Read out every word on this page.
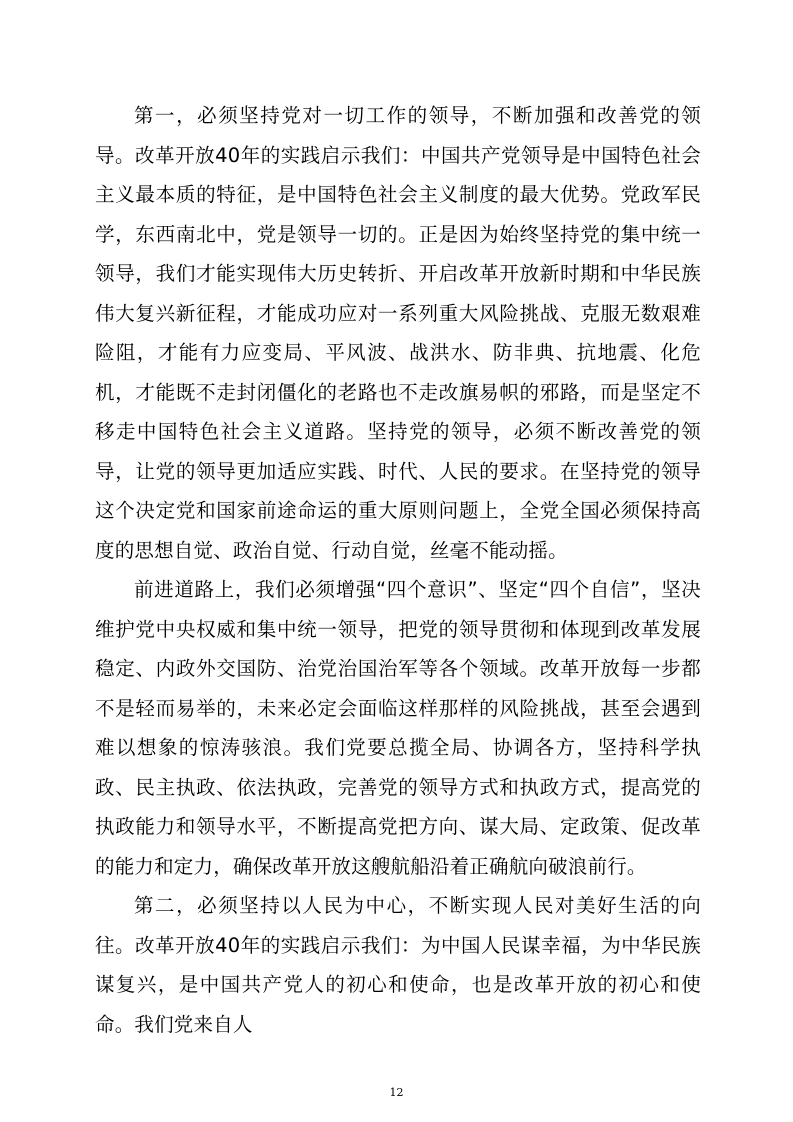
第一，必须坚持党对一切工作的领导，不断加强和改善党的领导。改革开放40年的实践启示我们：中国共产党领导是中国特色社会主义最本质的特征，是中国特色社会主义制度的最大优势。党政军民学，东西南北中，党是领导一切的。正是因为始终坚持党的集中统一领导，我们才能实现伟大历史转折、开启改革开放新时期和中华民族伟大复兴新征程，才能成功应对一系列重大风险挑战、克服无数艰难险阻，才能有力应变局、平风波、战洪水、防非典、抗地震、化危机，才能既不走封闭僵化的老路也不走改旗易帜的邪路，而是坚定不移走中国特色社会主义道路。坚持党的领导，必须不断改善党的领导，让党的领导更加适应实践、时代、人民的要求。在坚持党的领导这个决定党和国家前途命运的重大原则问题上，全党全国必须保持高度的思想自觉、政治自觉、行动自觉，丝毫不能动摇。

前进道路上，我们必须增强“四个意识”、坚定“四个自信”，坚决维护党中央权威和集中统一领导，把党的领导贯彻和体现到改革发展稳定、内政外交国防、治党治国治军等各个领域。改革开放每一步都不是轻而易举的，未来必定会面临这样那样的风险挑战，甚至会遇到难以想象的惊涛骇浪。我们党要总揽全局、协调各方，坚持科学执政、民主执政、依法执政，完善党的领导方式和执政方式，提高党的执政能力和领导水平，不断提高党把方向、谋大局、定政策、促改革的能力和定力，确保改革开放这艘航船沿着正确航向破浪前行。

第二，必须坚持以人民为中心，不断实现人民对美好生活的向往。改革开放40年的实践启示我们：为中国人民谋幸福，为中华民族谋复兴，是中国共产党人的初心和使命，也是改革开放的初心和使命。我们党来自人

12
